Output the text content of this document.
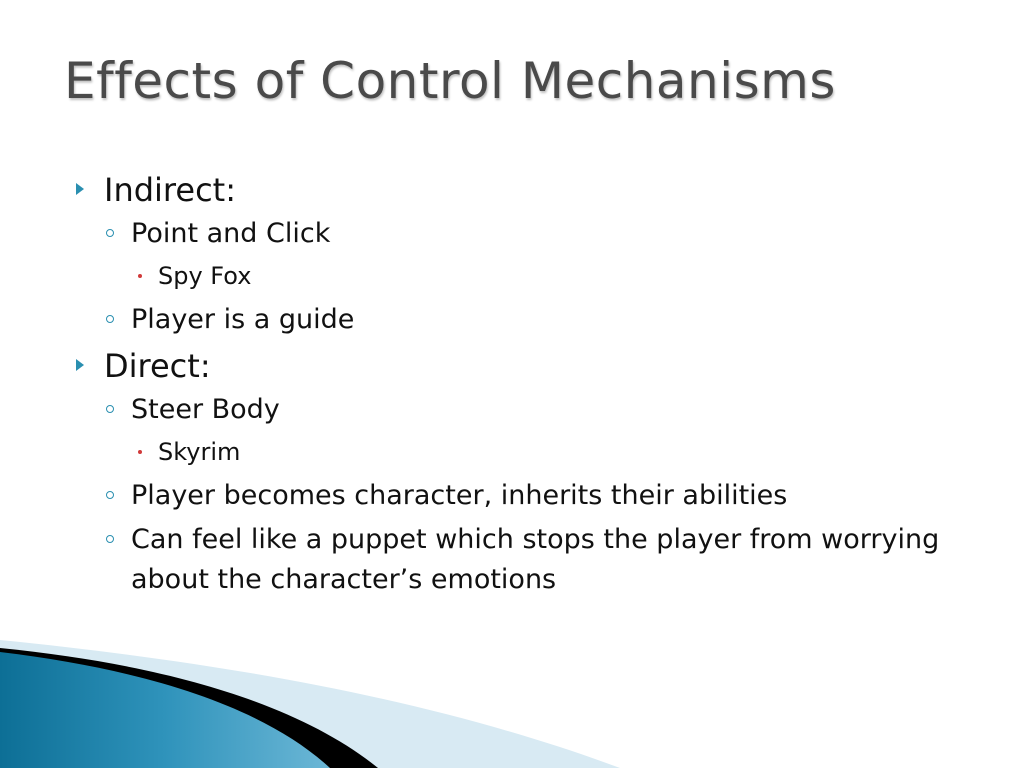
Effects of Control Mechanisms
Indirect:
Point and Click
Spy Fox
Player is a guide
Direct:
Steer Body
Skyrim
Player becomes character, inherits their abilities
Can feel like a puppet which stops the player from worrying about the character’s emotions
